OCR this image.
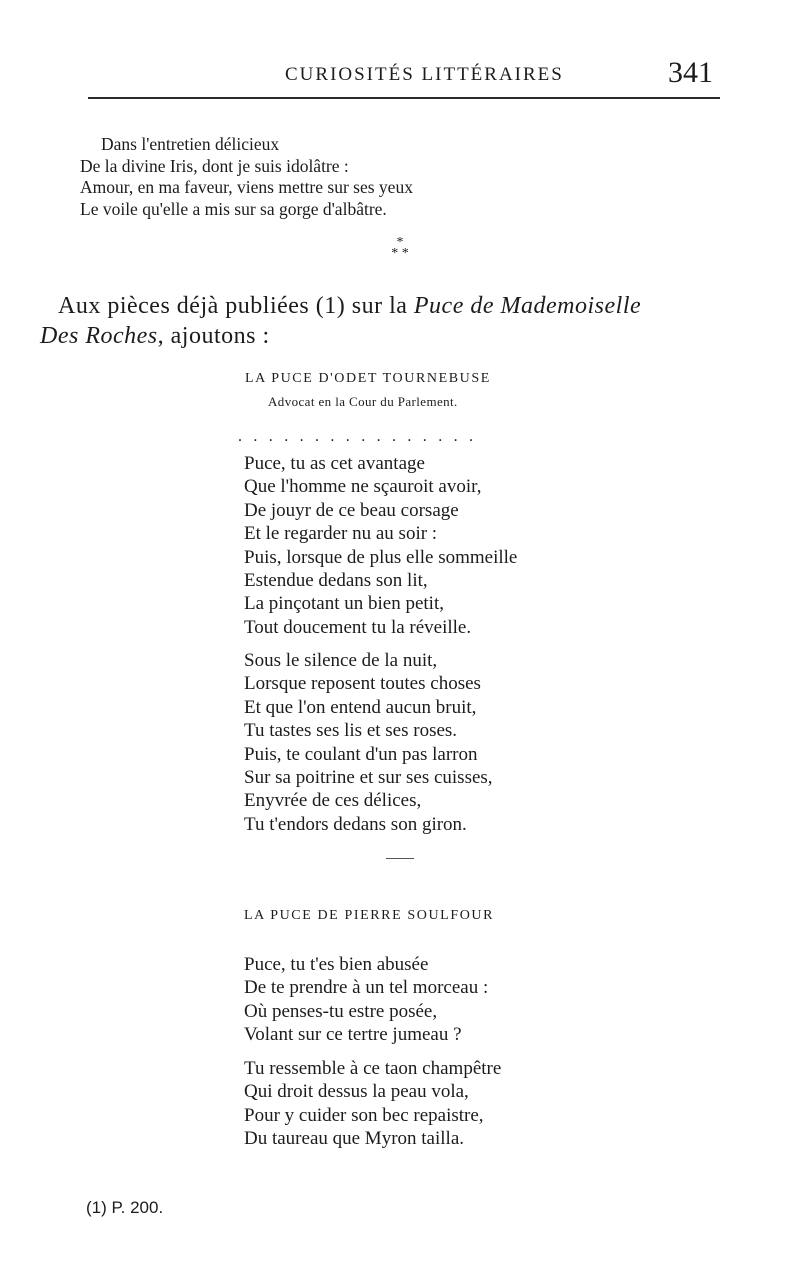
CURIOSITÉS LITTÉRAIRES	341
Dans l'entretien délicieux
De la divine Iris, dont je suis idolâtre :
Amour, en ma faveur, viens mettre sur ses yeux
Le voile qu'elle a mis sur sa gorge d'albâtre.
*
* *
Aux pièces déjà publiées (1) sur la Puce de Mademoiselle
Des Roches, ajoutons :
LA PUCE D'ODET TOURNEBUSE
Advocat en la Cour du Parlement.
................
Puce, tu as cet avantage
Que l'homme ne sçauroit avoir,
De jouyr de ce beau corsage
Et le regarder nu au soir :
Puis, lorsque de plus elle sommeille
Estendue dedans son lit,
La pinçotant un bien petit,
Tout doucement tu la réveille.
Sous le silence de la nuit,
Lorsque reposent toutes choses
Et que l'on entend aucun bruit,
Tu tastes ses lis et ses roses.
Puis, te coulant d'un pas larron
Sur sa poitrine et sur ses cuisses,
Enyvrée de ces délices,
Tu t'endors dedans son giron.
LA PUCE DE PIERRE SOULFOUR
Puce, tu t'es bien abusée
De te prendre à un tel morceau :
Où penses-tu estre posée,
Volant sur ce tertre jumeau ?
Tu ressemble à ce taon champêtre
Qui droit dessus la peau vola,
Pour y cuider son bec repaistre,
Du taureau que Myron tailla.
(1) P. 200.
